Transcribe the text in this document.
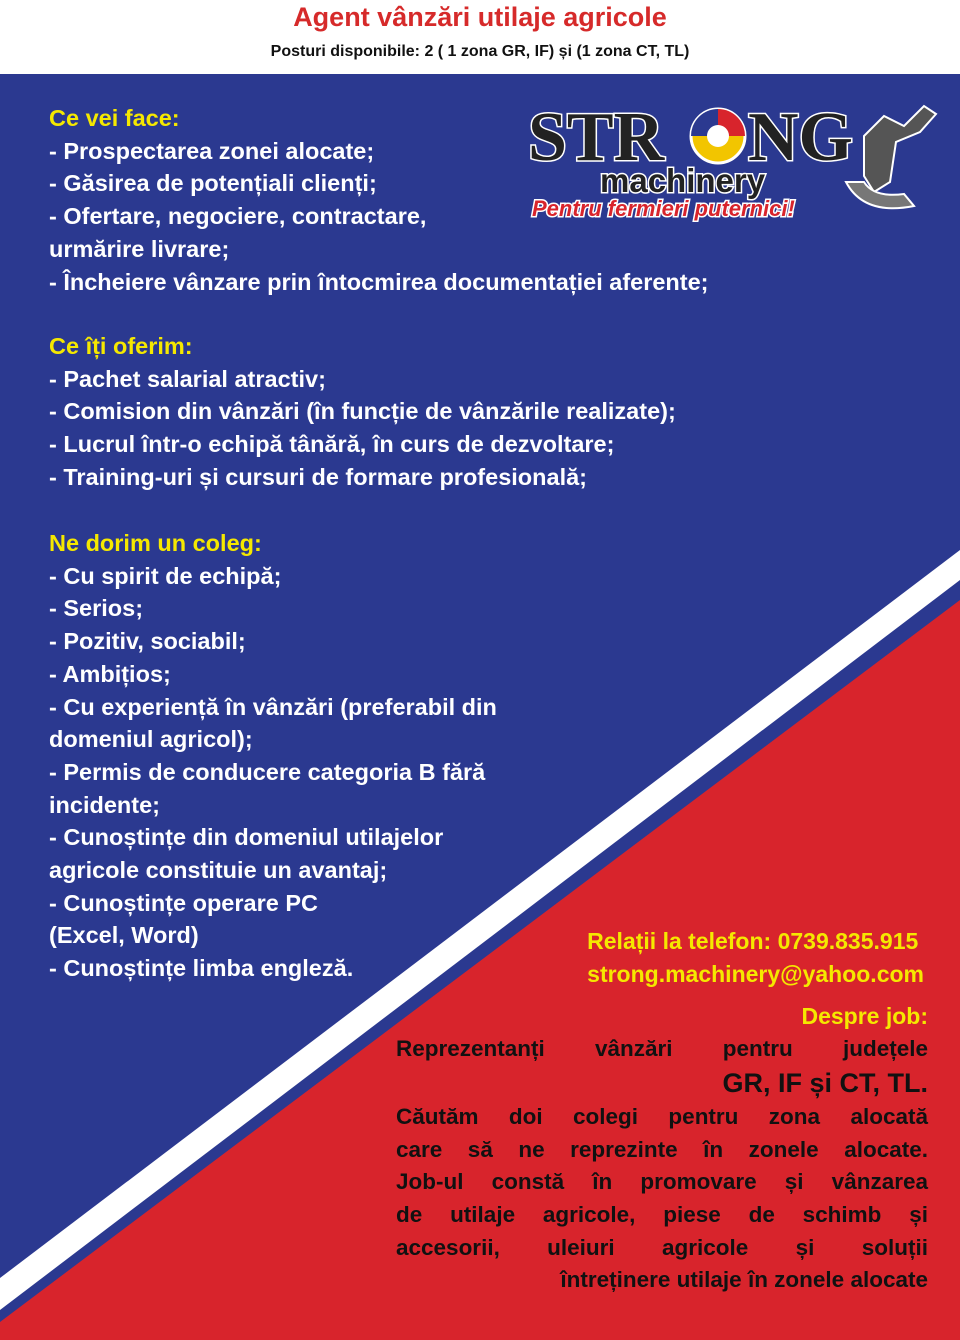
Agent vânzări utilaje agricole
Posturi disponibile: 2 ( 1 zona GR, IF) și (1 zona CT, TL)
STR NG
machinery
Pentru fermieri puternici!
Ce vei face:
- Prospectarea zonei alocate;
- Găsirea de potențiali clienți;
- Ofertare, negociere, contractare,
urmărire livrare;
- Încheiere vânzare prin întocmirea documentației aferente;
Ce îți oferim:
- Pachet salarial atractiv;
- Comision din vânzări (în funcție de vânzările realizate);
- Lucrul într-o echipă tânără, în curs de dezvoltare;
- Training-uri și cursuri de formare profesională;
Ne dorim un coleg:
- Cu spirit de echipă;
- Serios;
- Pozitiv, sociabil;
- Ambițios;
- Cu experiență în vânzări (preferabil din
domeniul agricol);
- Permis de conducere categoria B fără
incidente;
- Cunoștințe din domeniul utilajelor
agricole constituie un avantaj;
- Cunoștințe operare PC
(Excel, Word)
- Cunoștințe limba engleză.
Relații la telefon: 0739.835.915
strong.machinery@yahoo.com
Despre job:
Reprezentanți vânzări pentru județele
GR, IF și CT, TL.
Căutăm doi colegi pentru zona alocată
care să ne reprezinte în zonele alocate.
Job-ul constă în promovare și vânzarea
de utilaje agricole, piese de schimb și
accesorii, uleiuri agricole și soluții
întreținere utilaje în zonele alocate
